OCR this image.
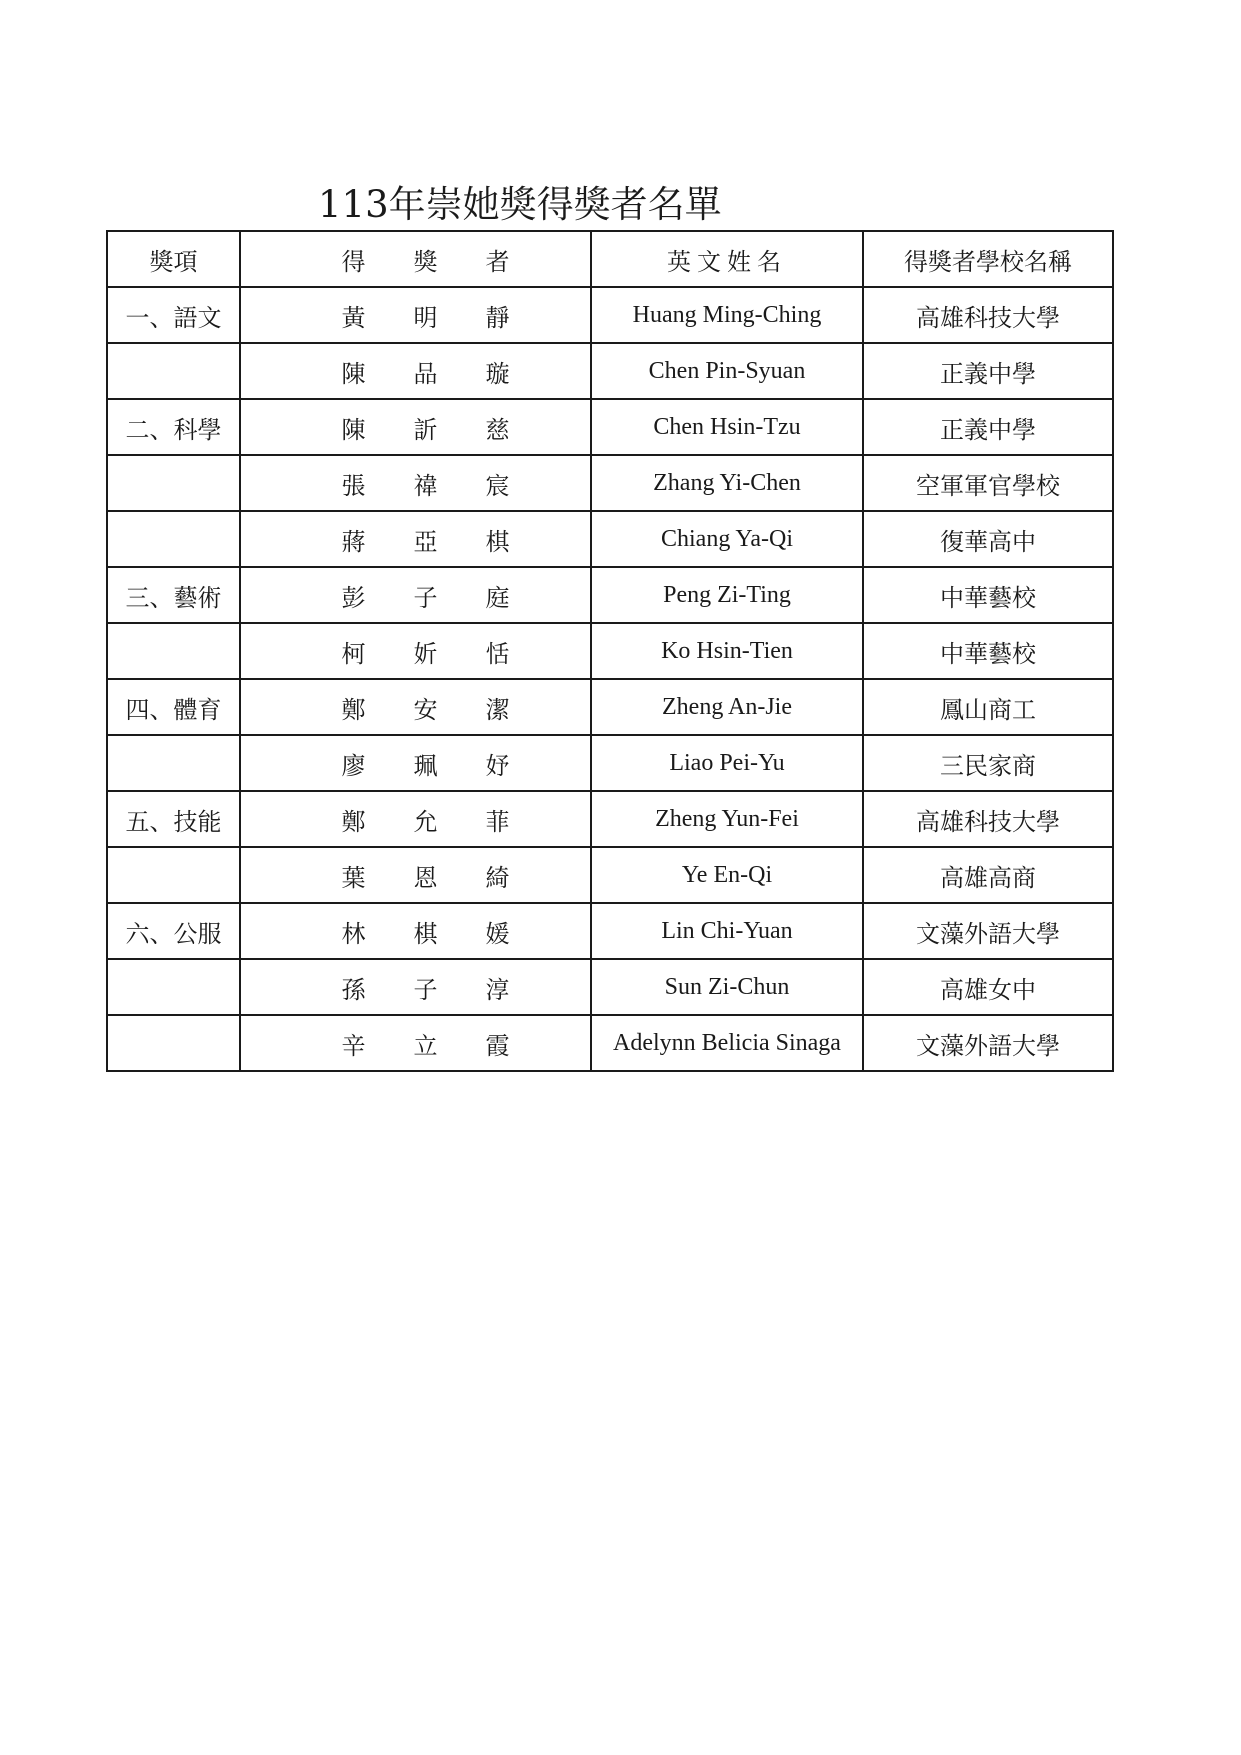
113年崇她獎得獎者名單
獎項	得 獎 者	英文姓名	得獎者學校名稱
一、語文	黃 明 靜	Huang Ming-Ching	高雄科技大學

	陳 品 璇	Chen Pin-Syuan	正義中學
二、科學	陳 訢 慈	Chen Hsin-Tzu	正義中學

	張 禕 宸	Zhang Yi-Chen	空軍軍官學校

	蔣 亞 棋	Chiang Ya-Qi	復華高中
三、藝術	彭 子 庭	Peng Zi-Ting	中華藝校

	柯 妡 恬	Ko Hsin-Tien	中華藝校
四、體育	鄭 安 潔	Zheng An-Jie	鳳山商工

	廖 珮 妤	Liao Pei-Yu	三民家商
五、技能	鄭 允 菲	Zheng Yun-Fei	高雄科技大學

	葉 恩 綺	Ye En-Qi	高雄高商
六、公服	林 棋 媛	Lin Chi-Yuan	文藻外語大學

	孫 子 淳	Sun Zi-Chun	高雄女中

	辛 立 霞	Adelynn Belicia Sinaga	文藻外語大學
